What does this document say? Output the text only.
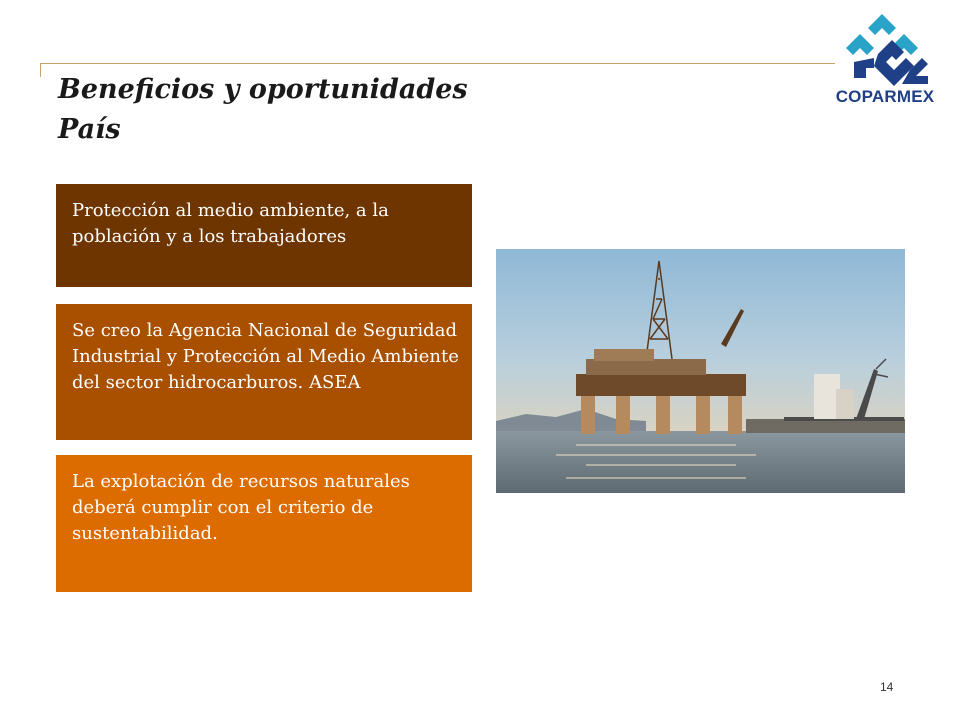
Beneficios y oportunidades
País
COPARMEX
Protección al medio ambiente, a la población y a los trabajadores
Se creo la Agencia Nacional de Seguridad Industrial y Protección al Medio Ambiente del sector hidrocarburos. ASEA
La explotación de recursos naturales deberá cumplir con el criterio de sustentabilidad.
14
